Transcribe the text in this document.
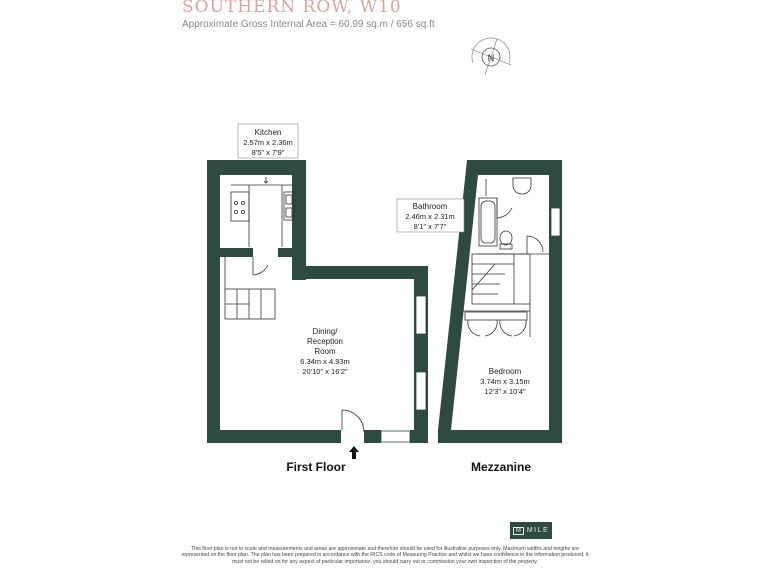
SOUTHERN ROW, W10
Approximate Gross Internal Area = 60.99 sq.m / 656 sq.ft
N
Kitchen
2.57m x 2.36m
8'5" x 7'9"
Dining/
Reception
Room
6.34m x 4.93m
20'10" x 16'2"
Bathroom
2.46m x 2.31m
8'1" x 7'7"
Bedroom
3.74m x 3.15m
12'3" x 10'4"
First Floor	Mezzanine
M MILE
This floor plan is not to scale and measurements and areas are approximate and therefore should be used for illustrative purposes only. Maximum widths and lengths are represented on the floor plan. The plan has been prepared in accordance with the RICS code of Measuring Practice and whilst we have confidence in the information produced, it must not be relied on for any aspect of particular importance, you should carry out or commission your own inspection of the property.
